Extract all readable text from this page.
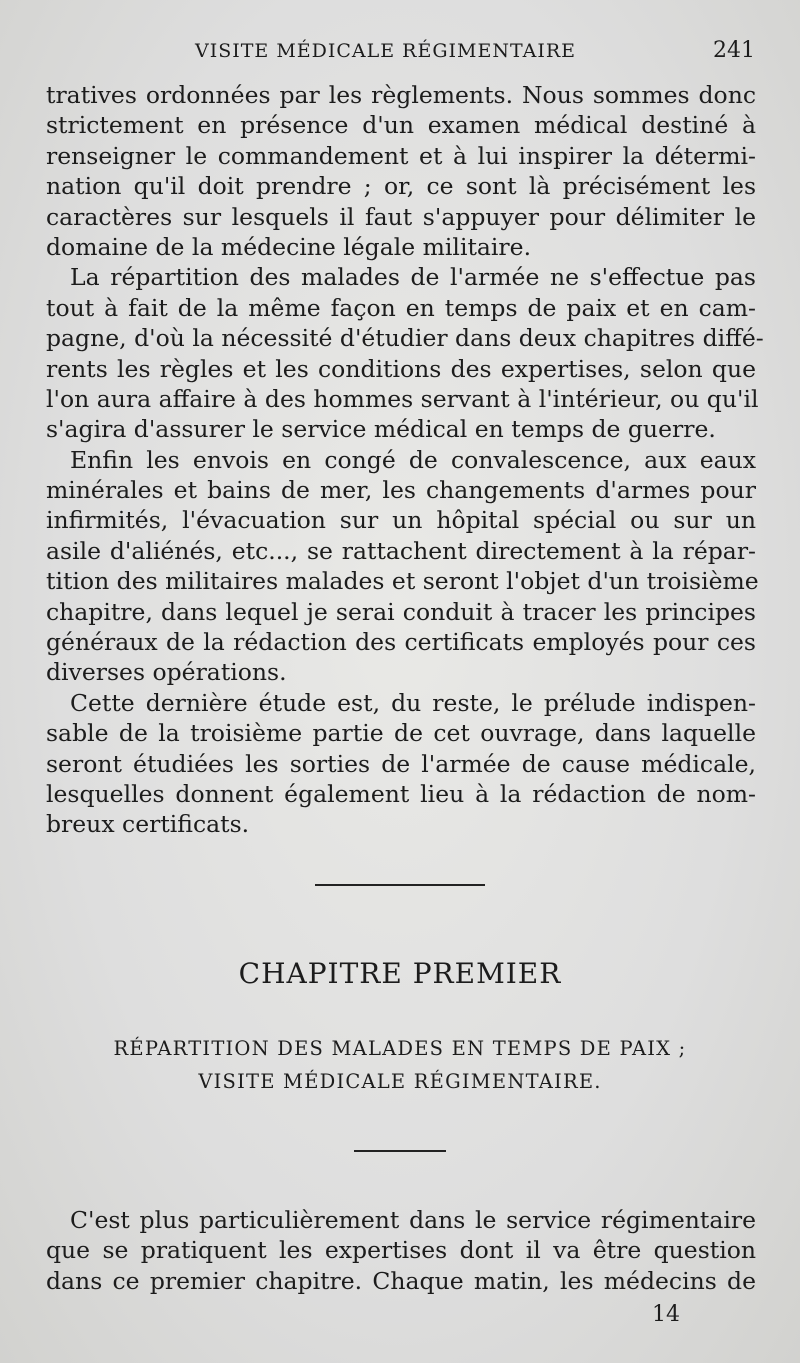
VISITE MÉDICALE RÉGIMENTAIRE	241
tratives ordonnées par les règlements. Nous sommes donc
strictement en présence d'un examen médical destiné à
renseigner le commandement et à lui inspirer la détermi-
nation qu'il doit prendre ; or, ce sont là précisément les
caractères sur lesquels il faut s'appuyer pour délimiter le
domaine de la médecine légale militaire.
La répartition des malades de l'armée ne s'effectue pas
tout à fait de la même façon en temps de paix et en cam-
pagne, d'où la nécessité d'étudier dans deux chapitres diffé-
rents les règles et les conditions des expertises, selon que
l'on aura affaire à des hommes servant à l'intérieur, ou qu'il
s'agira d'assurer le service médical en temps de guerre.
Enfin les envois en congé de convalescence, aux eaux
minérales et bains de mer, les changements d'armes pour
infirmités, l'évacuation sur un hôpital spécial ou sur un
asile d'aliénés, etc..., se rattachent directement à la répar-
tition des militaires malades et seront l'objet d'un troisième
chapitre, dans lequel je serai conduit à tracer les principes
généraux de la rédaction des certificats employés pour ces
diverses opérations.
Cette dernière étude est, du reste, le prélude indispen-
sable de la troisième partie de cet ouvrage, dans laquelle
seront étudiées les sorties de l'armée de cause médicale,
lesquelles donnent également lieu à la rédaction de nom-
breux certificats.
CHAPITRE PREMIER
RÉPARTITION DES MALADES EN TEMPS DE PAIX ;
VISITE MÉDICALE RÉGIMENTAIRE.
C'est plus particulièrement dans le service régimentaire
que se pratiquent les expertises dont il va être question
dans ce premier chapitre. Chaque matin, les médecins de
14
